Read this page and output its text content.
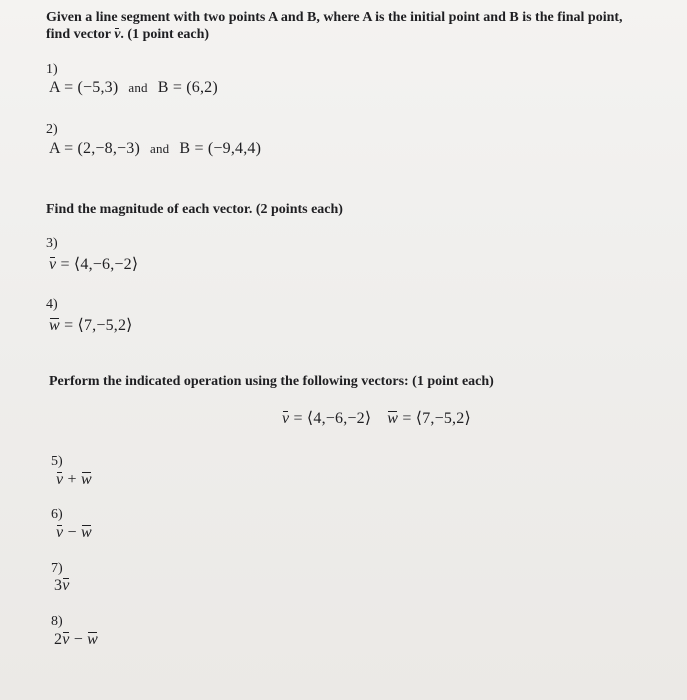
Given a line segment with two points A and B, where A is the initial point and B is the final point,
find vector v. (1 point each)
1)
A = (−5,3) and B = (6,2)
2)
A = (2,−8,−3) and B = (−9,4,4)
Find the magnitude of each vector. (2 points each)
3)
v = ⟨4,−6,−2⟩
4)
w = ⟨7,−5,2⟩
Perform the indicated operation using the following vectors: (1 point each)
v = ⟨4,−6,−2⟩ w = ⟨7,−5,2⟩
5)
v + w
6)
v − w
7)
3v
8)
2v − w
